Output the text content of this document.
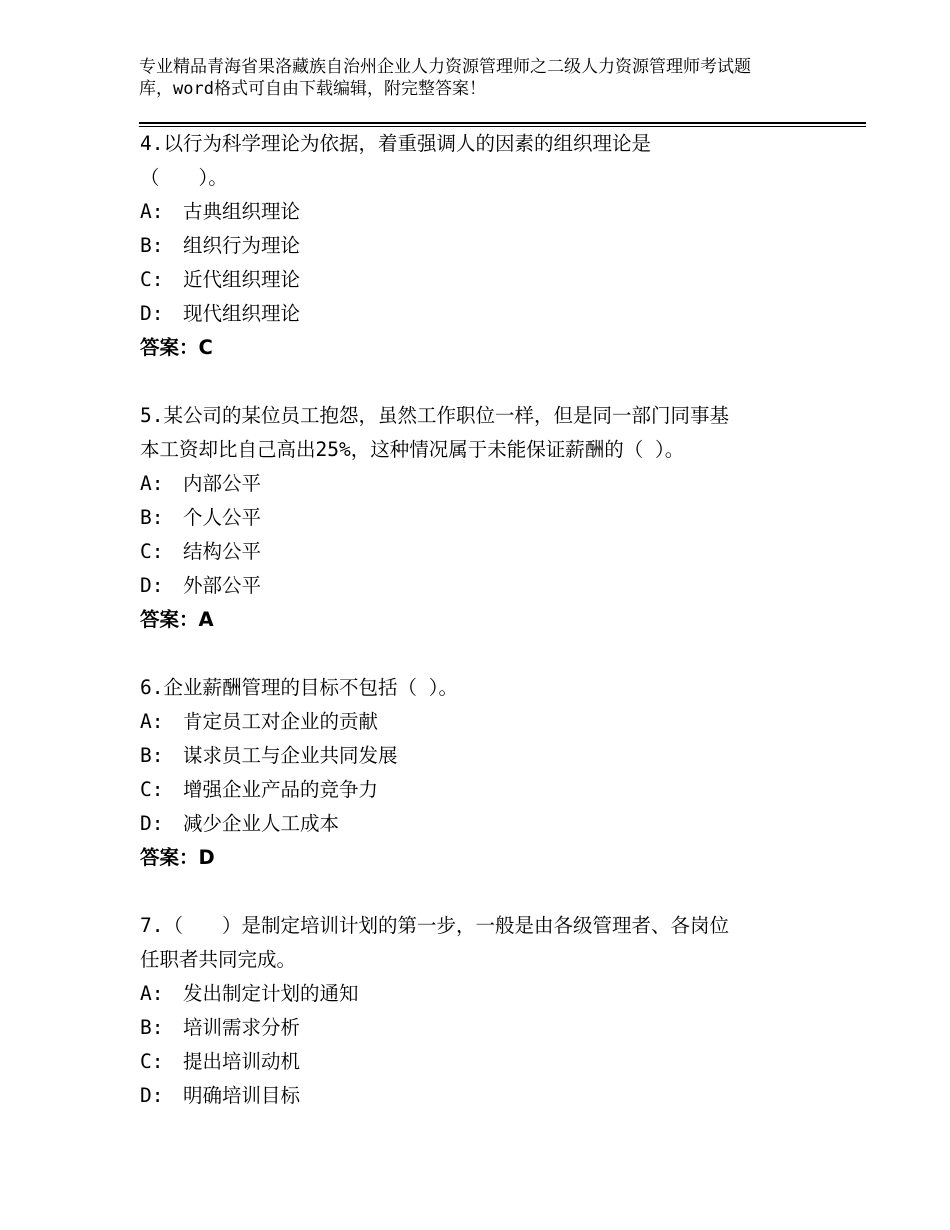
专业精品青海省果洛藏族自治州企业人力资源管理师之二级人力资源管理师考试题
库，word格式可自由下载编辑，附完整答案！
4.以行为科学理论为依据，着重强调人的因素的组织理论是
（　　）。
A:　古典组织理论
B:　组织行为理论
C:　近代组织理论
D:　现代组织理论
答案：C
5.某公司的某位员工抱怨，虽然工作职位一样，但是同一部门同事基
本工资却比自己高出25%，这种情况属于未能保证薪酬的（ ）。
A:　内部公平
B:　个人公平
C:　结构公平
D:　外部公平
答案：A
6.企业薪酬管理的目标不包括（ ）。
A:　肯定员工对企业的贡献
B:　谋求员工与企业共同发展
C:　增强企业产品的竞争力
D:　减少企业人工成本
答案：D
7.（　　）是制定培训计划的第一步，一般是由各级管理者、各岗位
任职者共同完成。
A:　发出制定计划的通知
B:　培训需求分析
C:　提出培训动机
D:　明确培训目标
